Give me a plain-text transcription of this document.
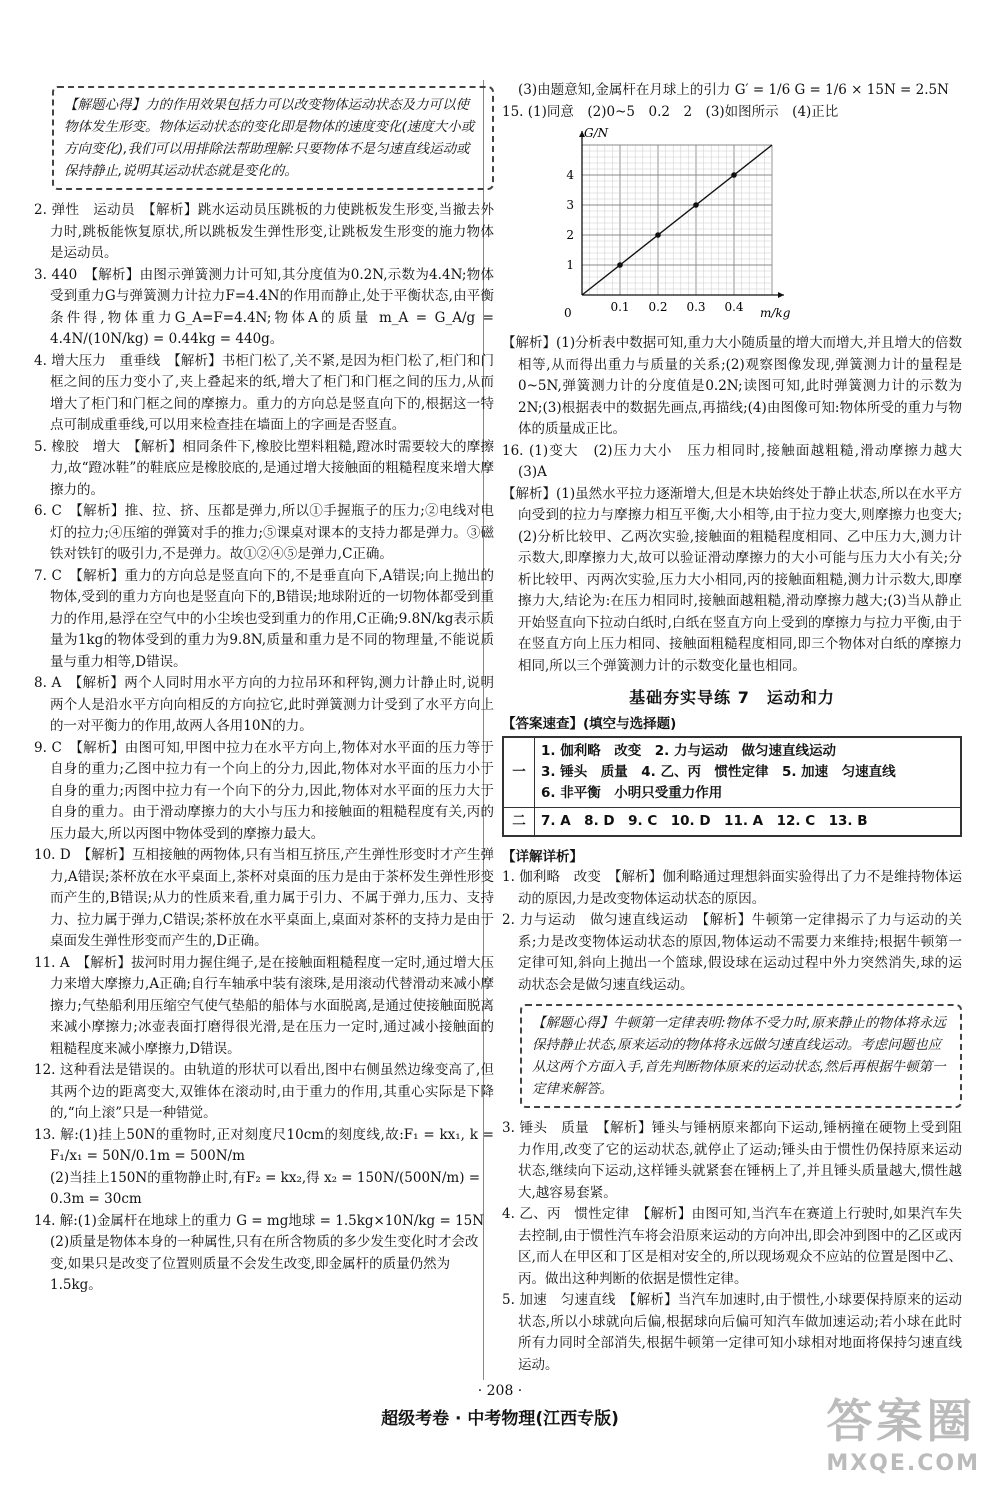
【解题心得】力的作用效果包括力可以改变物体运动状态及力可以使物体发生形变。物体运动状态的变化即是物体的速度变化(速度大小或方向变化),我们可以用排除法帮助理解:只要物体不是匀速直线运动或保持静止,说明其运动状态就是变化的。

2. 弹性　运动员　【解析】跳水运动员压跳板的力使跳板发生形变,当撤去外力时,跳板能恢复原状,所以跳板发生弹性形变,让跳板发生形变的施力物体是运动员。

3. 440　【解析】由图示弹簧测力计可知,其分度值为0.2N,示数为4.4N;物体受到重力G与弹簧测力计拉力F=4.4N的作用而静止,处于平衡状态,由平衡条件得,物体重力G_A=F=4.4N;物体A的质量 m_A = G_A/g = 4.4N/(10N/kg) = 0.44kg = 440g。

4. 增大压力　重垂线　【解析】书柜门松了,关不紧,是因为柜门松了,柜门和门框之间的压力变小了,夹上叠起来的纸,增大了柜门和门框之间的压力,从而增大了柜门和门框之间的摩擦力。重力的方向总是竖直向下的,根据这一特点可制成重垂线,可以用来检查挂在墙面上的字画是否竖直。

5. 橡胶　增大　【解析】相同条件下,橡胶比塑料粗糙,蹬冰时需要较大的摩擦力,故“蹬冰鞋”的鞋底应是橡胶底的,是通过增大接触面的粗糙程度来增大摩擦力的。

6. C　【解析】推、拉、挤、压都是弹力,所以①手握瓶子的压力;②电线对电灯的拉力;④压缩的弹簧对手的推力;⑤课桌对课本的支持力都是弹力。③磁铁对铁钉的吸引力,不是弹力。故①②④⑤是弹力,C正确。

7. C　【解析】重力的方向总是竖直向下的,不是垂直向下,A错误;向上抛出的物体,受到的重力方向也是竖直向下的,B错误;地球附近的一切物体都受到重力的作用,悬浮在空气中的小尘埃也受到重力的作用,C正确;9.8N/kg表示质量为1kg的物体受到的重力为9.8N,质量和重力是不同的物理量,不能说质量与重力相等,D错误。

8. A　【解析】两个人同时用水平方向的力拉吊环和秤钩,测力计静止时,说明两个人是沿水平方向向相反的方向拉它,此时弹簧测力计受到了水平方向上的一对平衡力的作用,故两人各用10N的力。

9. C　【解析】由图可知,甲图中拉力在水平方向上,物体对水平面的压力等于自身的重力;乙图中拉力有一个向上的分力,因此,物体对水平面的压力小于自身的重力;丙图中拉力有一个向下的分力,因此,物体对水平面的压力大于自身的重力。由于滑动摩擦力的大小与压力和接触面的粗糙程度有关,丙的压力最大,所以丙图中物体受到的摩擦力最大。

10. D　【解析】互相接触的两物体,只有当相互挤压,产生弹性形变时才产生弹力,A错误;茶杯放在水平桌面上,茶杯对桌面的压力是由于茶杯发生弹性形变而产生的,B错误;从力的性质来看,重力属于引力、不属于弹力,压力、支持力、拉力属于弹力,C错误;茶杯放在水平桌面上,桌面对茶杯的支持力是由于桌面发生弹性形变而产生的,D正确。

11. A　【解析】拔河时用力握住绳子,是在接触面粗糙程度一定时,通过增大压力来增大摩擦力,A正确;自行车轴承中装有滚珠,是用滚动代替滑动来减小摩擦力;气垫船利用压缩空气使气垫船的船体与水面脱离,是通过使接触面脱离来减小摩擦力;冰壶表面打磨得很光滑,是在压力一定时,通过减小接触面的粗糙程度来减小摩擦力,D错误。

12. 这种看法是错误的。由轨道的形状可以看出,图中右侧虽然边缘变高了,但其两个边的距离变大,双锥体在滚动时,由于重力的作用,其重心实际是下降的,“向上滚”只是一种错觉。

13. 解:(1)挂上50N的重物时,正对刻度尺10cm的刻度线,故:F₁ = kx₁, k = F₁/x₁ = 50N/0.1m = 500N/m

(2)当挂上150N的重物静止时,有F₂ = kx₂,得 x₂ = 150N/(500N/m) = 0.3m = 30cm

14. 解:(1)金属杆在地球上的重力 G = mg地球 = 1.5kg×10N/kg = 15N

(2)质量是物体本身的一种属性,只有在所含物质的多少发生变化时才会改变,如果只是改变了位置则质量不会发生改变,即金属杆的质量仍然为1.5kg。

(3)由题意知,金属杆在月球上的引力 G′ = 1/6 G = 1/6 × 15N = 2.5N

15. (1)同意　(2)0~5　0.2　2　(3)如图所示　(4)正比

0.1 0.2 0.3 0.4
1
2
3
4
G/N
m/kg
0

【解析】(1)分析表中数据可知,重力大小随质量的增大而增大,并且增大的倍数相等,从而得出重力与质量的关系;(2)观察图像发现,弹簧测力计的量程是0~5N,弹簧测力计的分度值是0.2N;读图可知,此时弹簧测力计的示数为2N;(3)根据表中的数据先画点,再描线;(4)由图像可知:物体所受的重力与物体的质量成正比。

16. (1)变大　(2)压力大小　压力相同时,接触面越粗糙,滑动摩擦力越大　(3)A

【解析】(1)虽然水平拉力逐渐增大,但是木块始终处于静止状态,所以在水平方向受到的拉力与摩擦力相互平衡,大小相等,由于拉力变大,则摩擦力也变大;(2)分析比较甲、乙两次实验,接触面的粗糙程度相同、乙中压力大,测力计示数大,即摩擦力大,故可以验证滑动摩擦力的大小可能与压力大小有关;分析比较甲、丙两次实验,压力大小相同,丙的接触面粗糙,测力计示数大,即摩擦力大,结论为:在压力相同时,接触面越粗糙,滑动摩擦力越大;(3)当从静止开始竖直向下拉动白纸时,白纸在竖直方向上受到的摩擦力与拉力平衡,由于在竖直方向上压力相同、接触面粗糙程度相同,即三个物体对白纸的摩擦力相同,所以三个弹簧测力计的示数变化量也相同。

基础夯实导练 7　运动和力
【答案速查】(填空与选择题)
一	1. 伽利略　改变　2. 力与运动　做匀速直线运动
3. 锤头　质量　4. 乙、丙　惯性定律　5. 加速　匀速直线
6. 非平衡　小明只受重力作用

二	7. A　8. D　9. C　10. D　11. A　12. C　13. B
【详解详析】

1. 伽利略　改变　【解析】伽利略通过理想斜面实验得出了力不是维持物体运动的原因,力是改变物体运动状态的原因。

2. 力与运动　做匀速直线运动　【解析】牛顿第一定律揭示了力与运动的关系;力是改变物体运动状态的原因,物体运动不需要力来维持;根据牛顿第一定律可知,斜向上抛出一个篮球,假设球在运动过程中外力突然消失,球的运动状态会是做匀速直线运动。

【解题心得】牛顿第一定律表明:物体不受力时,原来静止的物体将永远保持静止状态,原来运动的物体将永远做匀速直线运动。考虑问题也应从这两个方面入手,首先判断物体原来的运动状态,然后再根据牛顿第一定律来解答。

3. 锤头　质量　【解析】锤头与锤柄原来都向下运动,锤柄撞在硬物上受到阻力作用,改变了它的运动状态,就停止了运动;锤头由于惯性仍保持原来运动状态,继续向下运动,这样锤头就紧套在锤柄上了,并且锤头质量越大,惯性越大,越容易套紧。

4. 乙、丙　惯性定律　【解析】由图可知,当汽车在赛道上行驶时,如果汽车失去控制,由于惯性汽车将会沿原来运动的方向冲出,即会冲到图中的乙区或丙区,而人在甲区和丁区是相对安全的,所以现场观众不应站的位置是图中乙、丙。做出这种判断的依据是惯性定律。

5. 加速　匀速直线　【解析】当汽车加速时,由于惯性,小球要保持原来的运动状态,所以小球就向后偏,根据球向后偏可知汽车做加速运动;若小球在此时所有力同时全部消失,根据牛顿第一定律可知小球相对地面将保持匀速直线运动。

· 208 ·
超级考卷 · 中考物理(江西专版)	答案圈
MXQE.COM
